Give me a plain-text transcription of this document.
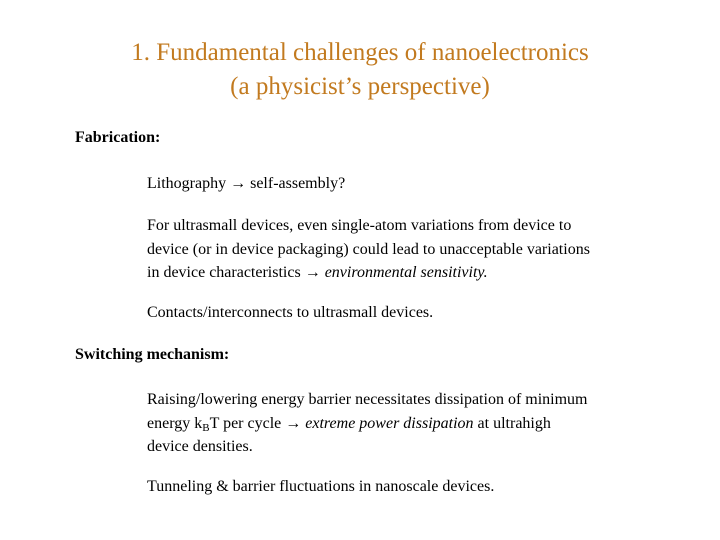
1. Fundamental challenges of nanoelectronics
(a physicist’s perspective)
Fabrication:
Lithography → self-assembly?
For ultrasmall devices, even single-atom variations from device to
device (or in device packaging) could lead to unacceptable variations
in device characteristics → environmental sensitivity.
Contacts/interconnects to ultrasmall devices.
Switching mechanism:
Raising/lowering energy barrier necessitates dissipation of minimum
energy $k_BT$ per cycle → extreme power dissipation at ultrahigh
device densities.
Tunneling & barrier fluctuations in nanoscale devices.
